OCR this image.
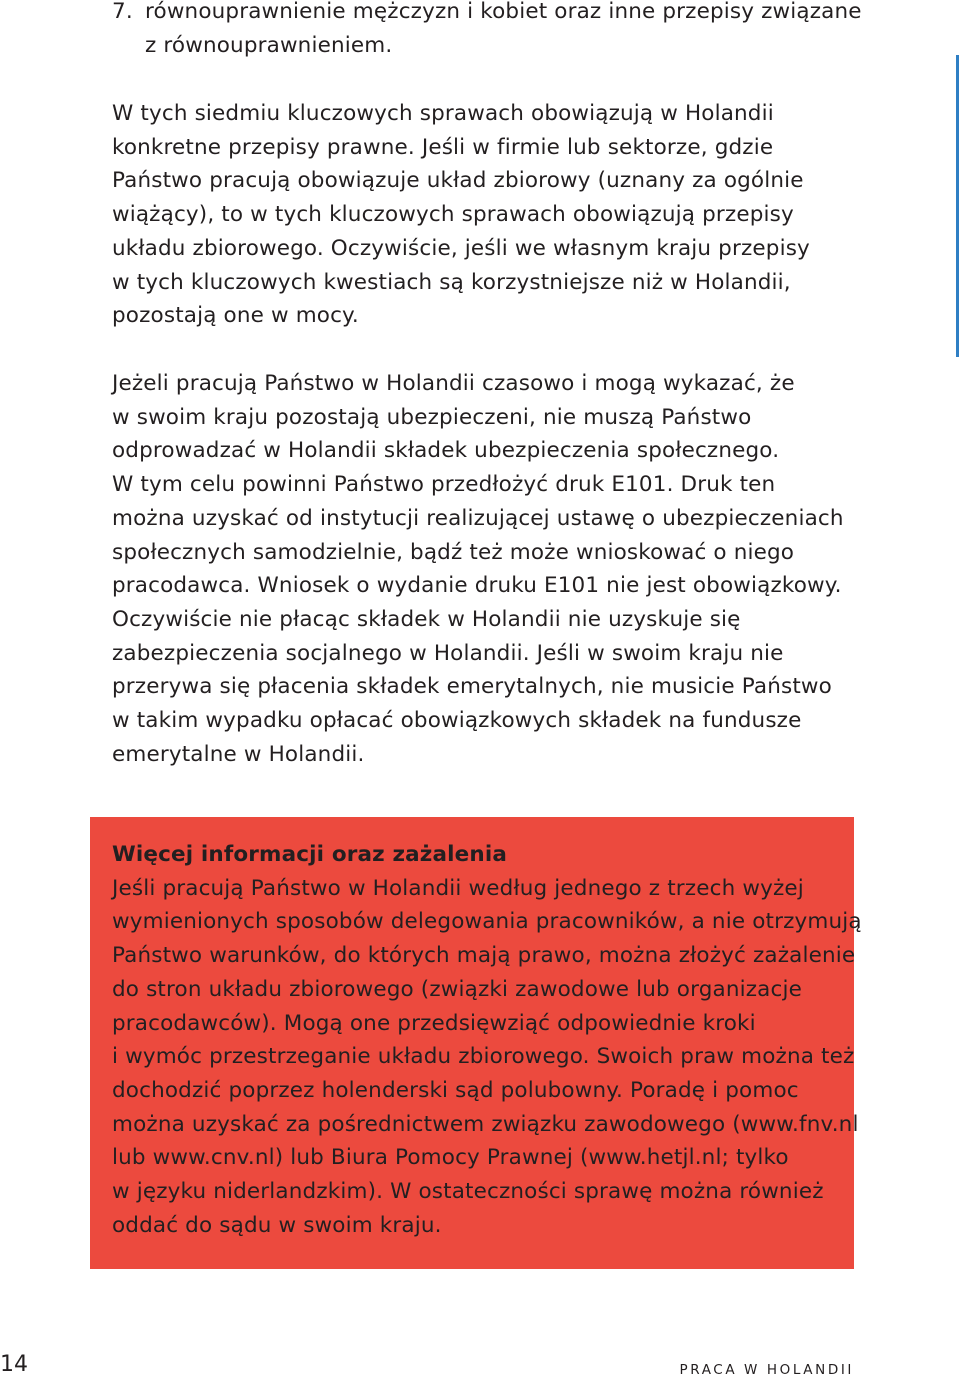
7. równouprawnienie mężczyzn i kobiet oraz inne przepisy związane
z równouprawnieniem.
W tych siedmiu kluczowych sprawach obowiązują w Holandii
konkretne przepisy prawne. Jeśli w firmie lub sektorze, gdzie
Państwo pracują obowiązuje układ zbiorowy (uznany za ogólnie
wiążący), to w tych kluczowych sprawach obowiązują przepisy
układu zbiorowego. Oczywiście, jeśli we własnym kraju przepisy
w tych kluczowych kwestiach są korzystniejsze niż w Holandii,
pozostają one w mocy.
Jeżeli pracują Państwo w Holandii czasowo i mogą wykazać, że
w swoim kraju pozostają ubezpieczeni, nie muszą Państwo
odprowadzać w Holandii składek ubezpieczenia społecznego.
W tym celu powinni Państwo przedłożyć druk E101. Druk ten
można uzyskać od instytucji realizującej ustawę o ubezpieczeniach
społecznych samodzielnie, bądź też może wnioskować o niego
pracodawca. Wniosek o wydanie druku E101 nie jest obowiązkowy.
Oczywiście nie płacąc składek w Holandii nie uzyskuje się
zabezpieczenia socjalnego w Holandii. Jeśli w swoim kraju nie
przerywa się płacenia składek emerytalnych, nie musicie Państwo
w takim wypadku opłacać obowiązkowych składek na fundusze
emerytalne w Holandii.
Więcej informacji oraz zażalenia
Jeśli pracują Państwo w Holandii według jednego z trzech wyżej
wymienionych sposobów delegowania pracowników, a nie otrzymują
Państwo warunków, do których mają prawo, można złożyć zażalenie
do stron układu zbiorowego (związki zawodowe lub organizacje
pracodawców). Mogą one przedsięwziąć odpowiednie kroki
i wymóc przestrzeganie układu zbiorowego. Swoich praw można też
dochodzić poprzez holenderski sąd polubowny. Poradę i pomoc
można uzyskać za pośrednictwem związku zawodowego (www.fnv.nl
lub www.cnv.nl) lub Biura Pomocy Prawnej (www.hetjl.nl; tylko
w języku niderlandzkim). W ostateczności sprawę można również
oddać do sądu w swoim kraju.
14	PRACA W HOLANDII
